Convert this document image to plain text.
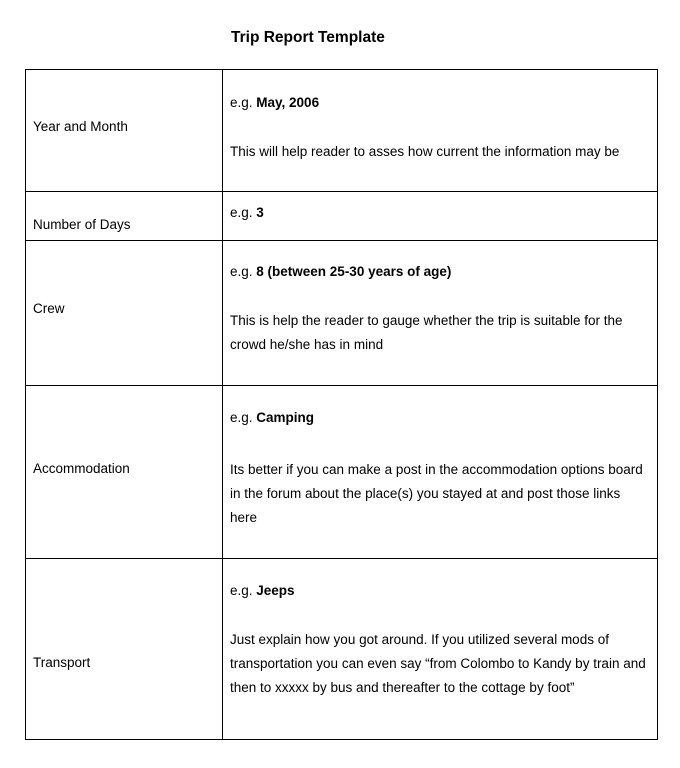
Trip Report Template
Year and Month	e.g. May, 2006
This will help reader to asses how current the information may be

Number of Days	e.g. 3

Crew	e.g. 8 (between 25-30 years of age)
This is help the reader to gauge whether the trip is suitable for the crowd he/she has in mind

Accommodation	e.g. Camping
Its better if you can make a post in the accommodation options board in the forum about the place(s) you stayed at and post those links here

Transport	e.g. Jeeps
Just explain how you got around. If you utilized several mods of transportation you can even say “from Colombo to Kandy by train and then to xxxxx by bus and thereafter to the cottage by foot”
